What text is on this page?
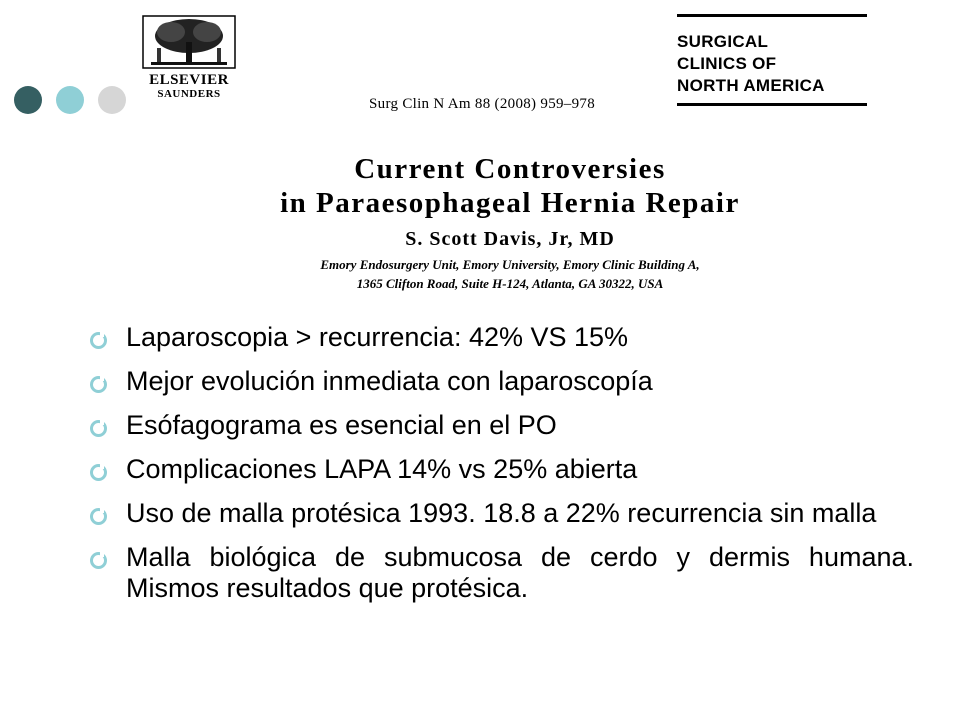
ELSEVIER
SAUNDERS
Surg Clin N Am 88 (2008) 959–978
SURGICAL
CLINICS OF
NORTH AMERICA
Current Controversies
in Paraesophageal Hernia Repair
S. Scott Davis, Jr, MD
Emory Endosurgery Unit, Emory University, Emory Clinic Building A,
1365 Clifton Road, Suite H-124, Atlanta, GA 30322, USA
Laparoscopia > recurrencia: 42% VS 15%
Mejor evolución inmediata con laparoscopía
Esófagograma es esencial en el PO
Complicaciones LAPA 14% vs 25% abierta
Uso de malla protésica 1993. 18.8 a 22% recurrencia sin malla
Malla biológica de submucosa de cerdo y dermis humana. Mismos resultados que protésica.
